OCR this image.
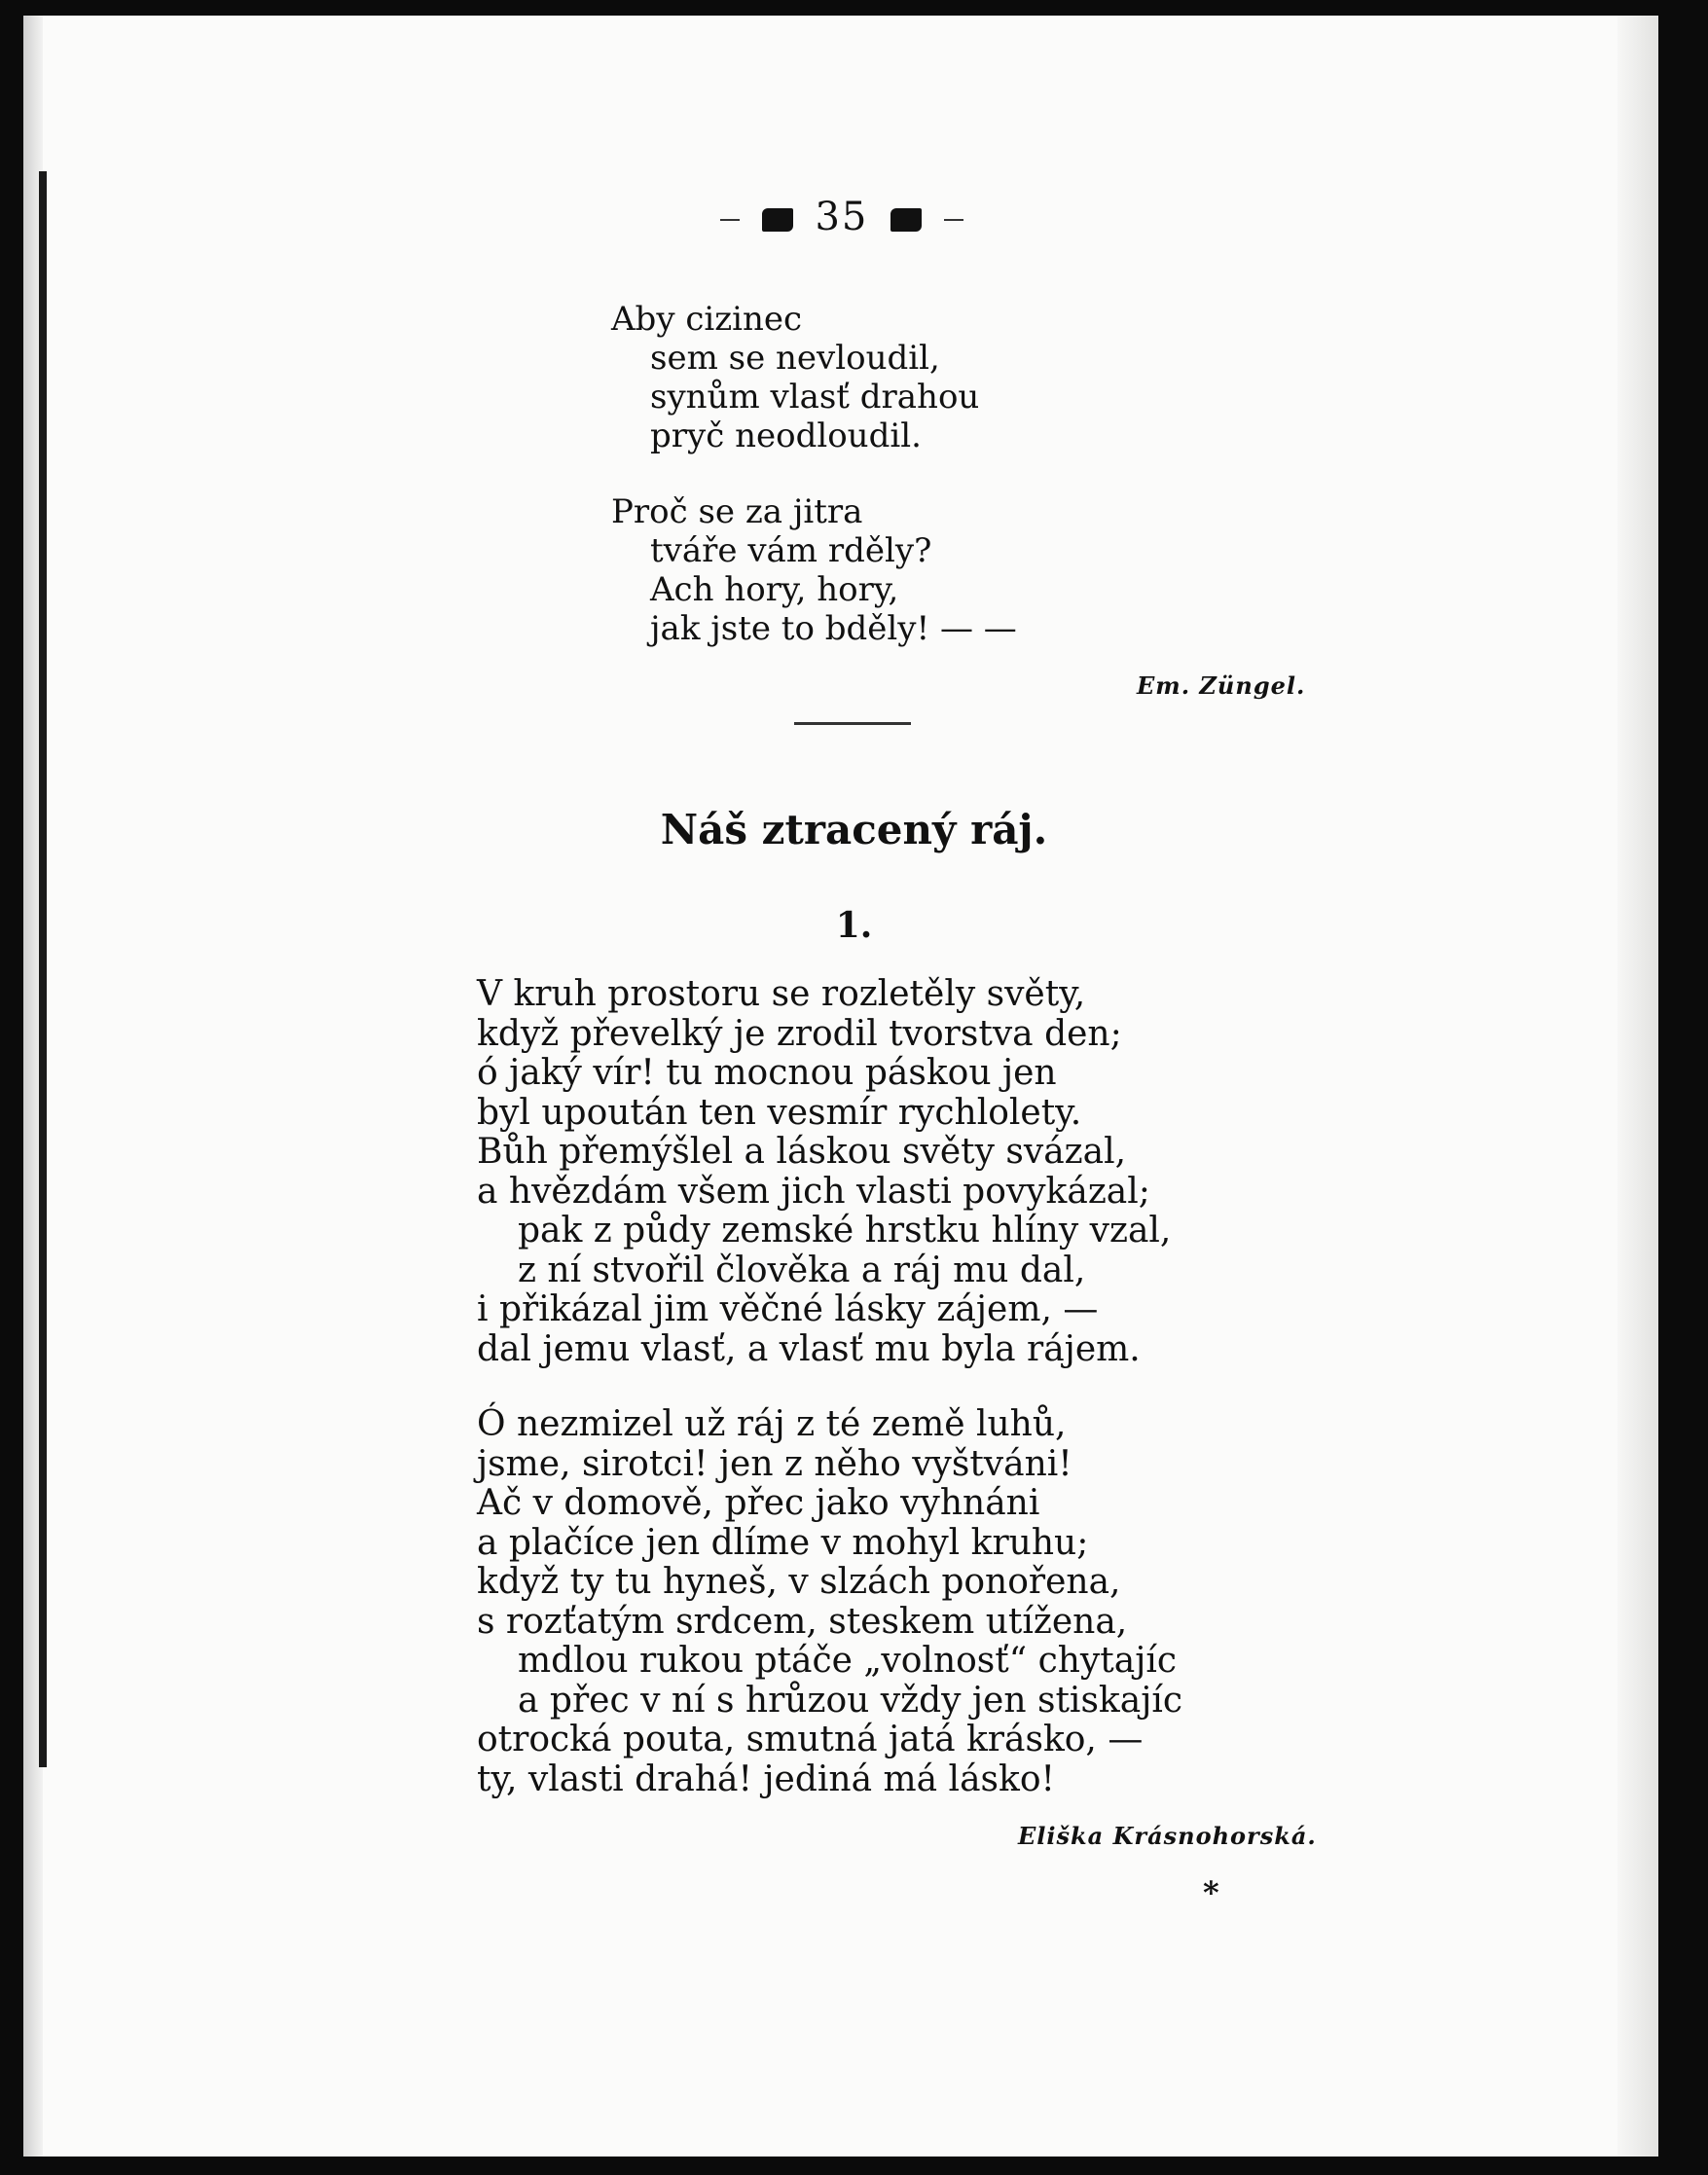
35
Aby cizinec
sem se nevloudil,
synům vlasť drahou
pryč neodloudil.
Proč se za jitra
tváře vám rděly?
Ach hory, hory,
jak jste to bděly! — —
Em. Züngel.
Náš ztracený ráj.
1.
V kruh prostoru se rozletěly světy,
když převelký je zrodil tvorstva den;
ó jaký vír! tu mocnou páskou jen
byl upoután ten vesmír rychlolety.
Bůh přemýšlel a láskou světy svázal,
a hvězdám všem jich vlasti povykázal;
pak z půdy zemské hrstku hlíny vzal,
z ní stvořil člověka a ráj mu dal,
i přikázal jim věčné lásky zájem, —
dal jemu vlasť, a vlasť mu byla rájem.
Ó nezmizel už ráj z té země luhů,
jsme, sirotci! jen z něho vyštváni!
Ač v domově, přec jako vyhnáni
a plačíce jen dlíme v mohyl kruhu;
když ty tu hyneš, v slzách ponořena,
s rozťatým srdcem, steskem utížena,
mdlou rukou ptáče „volnosť“ chytajíc
a přec v ní s hrůzou vždy jen stiskajíc
otrocká pouta, smutná jatá krásko, —
ty, vlasti drahá! jediná má lásko!
Eliška Krásnohorská.
*
